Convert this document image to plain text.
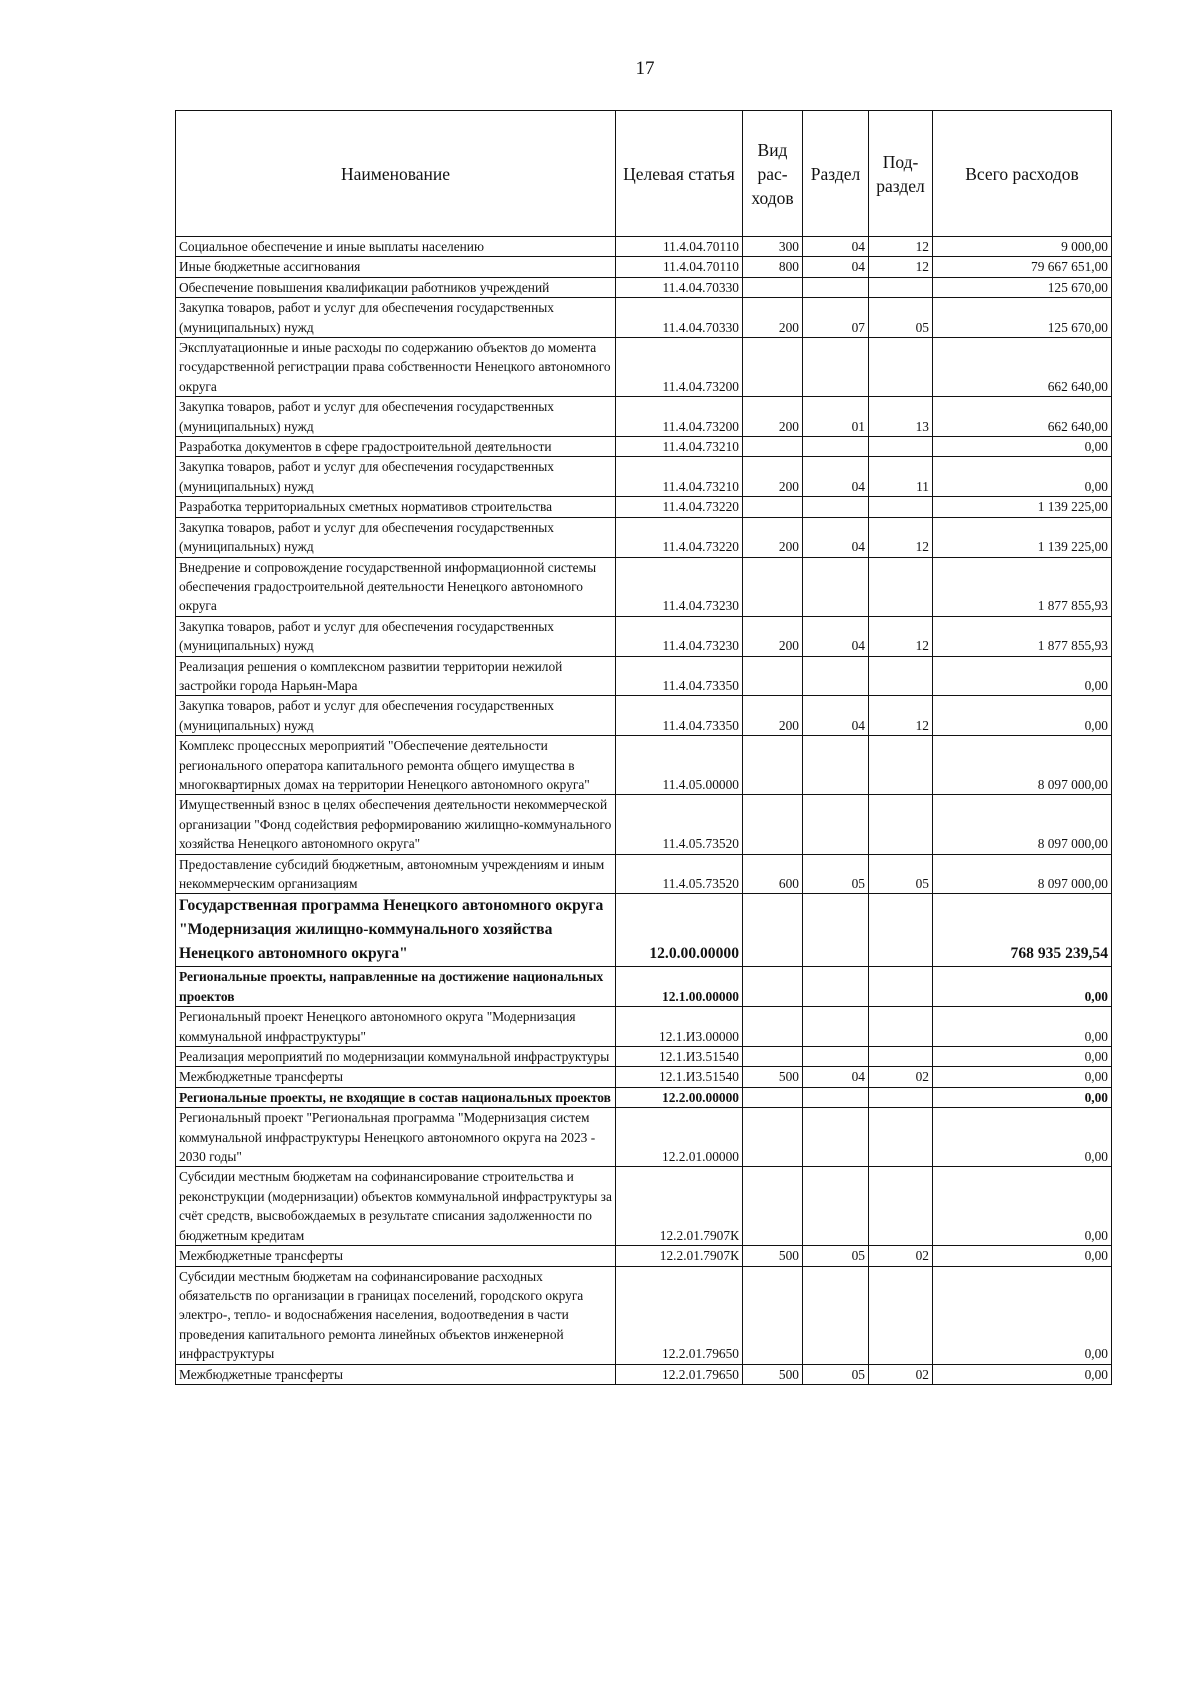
17
Наименование	Целевая статья	Вид рас-ходов	Раздел	Под-раздел	Всего расходов
Социальное обеспечение и иные выплаты населению	11.4.04.70110	300	04	12	9 000,00
Иные бюджетные ассигнования	11.4.04.70110	800	04	12	79 667 651,00
Обеспечение повышения квалификации работников учреждений	11.4.04.70330				125 670,00
Закупка товаров, работ и услуг для обеспечения государственных (муниципальных) нужд	11.4.04.70330	200	07	05	125 670,00
Эксплуатационные и иные расходы по содержанию объектов до момента государственной регистрации права собственности Ненецкого автономного округа	11.4.04.73200				662 640,00
Закупка товаров, работ и услуг для обеспечения государственных (муниципальных) нужд	11.4.04.73200	200	01	13	662 640,00
Разработка документов в сфере градостроительной деятельности	11.4.04.73210				0,00
Закупка товаров, работ и услуг для обеспечения государственных (муниципальных) нужд	11.4.04.73210	200	04	11	0,00
Разработка территориальных сметных нормативов строительства	11.4.04.73220				1 139 225,00
Закупка товаров, работ и услуг для обеспечения государственных (муниципальных) нужд	11.4.04.73220	200	04	12	1 139 225,00
Внедрение и сопровождение государственной информационной системы обеспечения градостроительной деятельности Ненецкого автономного округа	11.4.04.73230				1 877 855,93
Закупка товаров, работ и услуг для обеспечения государственных (муниципальных) нужд	11.4.04.73230	200	04	12	1 877 855,93
Реализация решения о комплексном развитии территории нежилой застройки города Нарьян-Мара	11.4.04.73350				0,00
Закупка товаров, работ и услуг для обеспечения государственных (муниципальных) нужд	11.4.04.73350	200	04	12	0,00
Комплекс процессных мероприятий "Обеспечение деятельности регионального оператора капитального ремонта общего имущества в многоквартирных домах на территории Ненецкого автономного округа"	11.4.05.00000				8 097 000,00
Имущественный взнос в целях обеспечения деятельности некоммерческой организации "Фонд содействия реформированию жилищно-коммунального хозяйства Ненецкого автономного округа"	11.4.05.73520				8 097 000,00
Предоставление субсидий бюджетным, автономным учреждениям и иным некоммерческим организациям	11.4.05.73520	600	05	05	8 097 000,00
Государственная программа Ненецкого автономного округа "Модернизация жилищно-коммунального хозяйства Ненецкого автономного округа"	12.0.00.00000				768 935 239,54
Региональные проекты, направленные на достижение национальных проектов	12.1.00.00000				0,00
Региональный проект Ненецкого автономного округа "Модернизация коммунальной инфраструктуры"	12.1.И3.00000				0,00
Реализация мероприятий по модернизации коммунальной инфраструктуры	12.1.И3.51540				0,00
Межбюджетные трансферты	12.1.И3.51540	500	04	02	0,00
Региональные проекты, не входящие в состав национальных проектов	12.2.00.00000				0,00
Региональный проект "Региональная программа "Модернизация систем коммунальной инфраструктуры Ненецкого автономного округа на 2023 - 2030 годы"	12.2.01.00000				0,00
Субсидии местным бюджетам на софинансирование строительства и реконструкции (модернизации) объектов коммунальной инфраструктуры за счёт средств, высвобождаемых в результате списания задолженности по бюджетным кредитам	12.2.01.7907К				0,00
Межбюджетные трансферты	12.2.01.7907К	500	05	02	0,00
Субсидии местным бюджетам на софинансирование расходных обязательств по организации в границах поселений, городского округа электро-, тепло- и водоснабжения населения, водоотведения в части проведения капитального ремонта линейных объектов инженерной инфраструктуры	12.2.01.79650				0,00
Межбюджетные трансферты	12.2.01.79650	500	05	02	0,00
